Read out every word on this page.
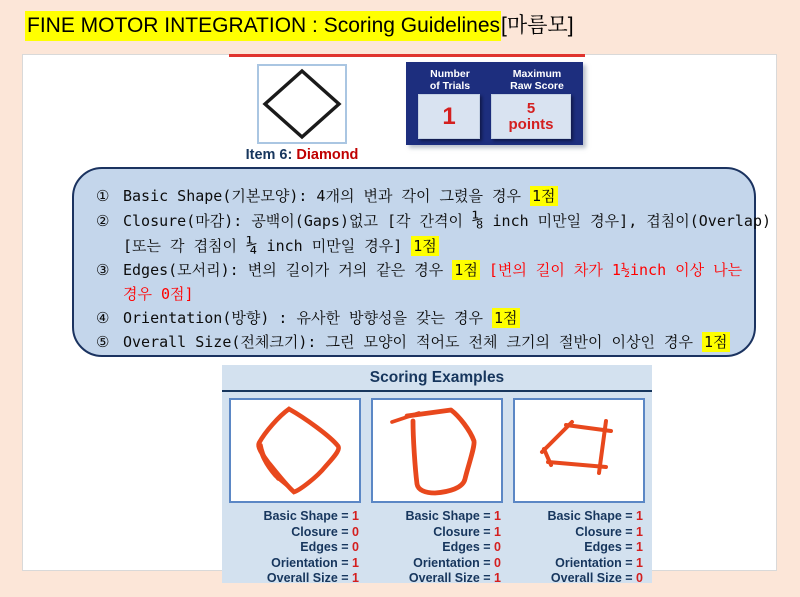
FINE MOTOR INTEGRATION : Scoring Guidelines[마름모]
Item 6: Diamond
Number
of Trials
Maximum
Raw Score
1	5
points
① Basic Shape(기본모양): 4개의 변과 각이 그렸을 경우 1점
② Closure(마감): 공백이(Gaps)없고 [각 간격이 ⅛ inch 미만일 경우], 겹침이(Overlap)
[또는 각 겹침이 ¼ inch 미만일 경우] 1점
③ Edges(모서리): 변의 길이가 거의 같은 경우 1점 [변의 길이 차가 1½inch 이상 나는
경우 0점]
④ Orientation(방향) : 유사한 방향성을 갖는 경우 1점
⑤ Overall Size(전체크기): 그린 모양이 적어도 전체 크기의 절반이 이상인 경우 1점
Scoring Examples
Basic Shape = 1
Closure = 0
Edges = 0
Orientation = 1
Overall Size = 1
Basic Shape = 1
Closure = 1
Edges = 0
Orientation = 0
Overall Size = 1
Basic Shape = 1
Closure = 1
Edges = 1
Orientation = 1
Overall Size = 0
